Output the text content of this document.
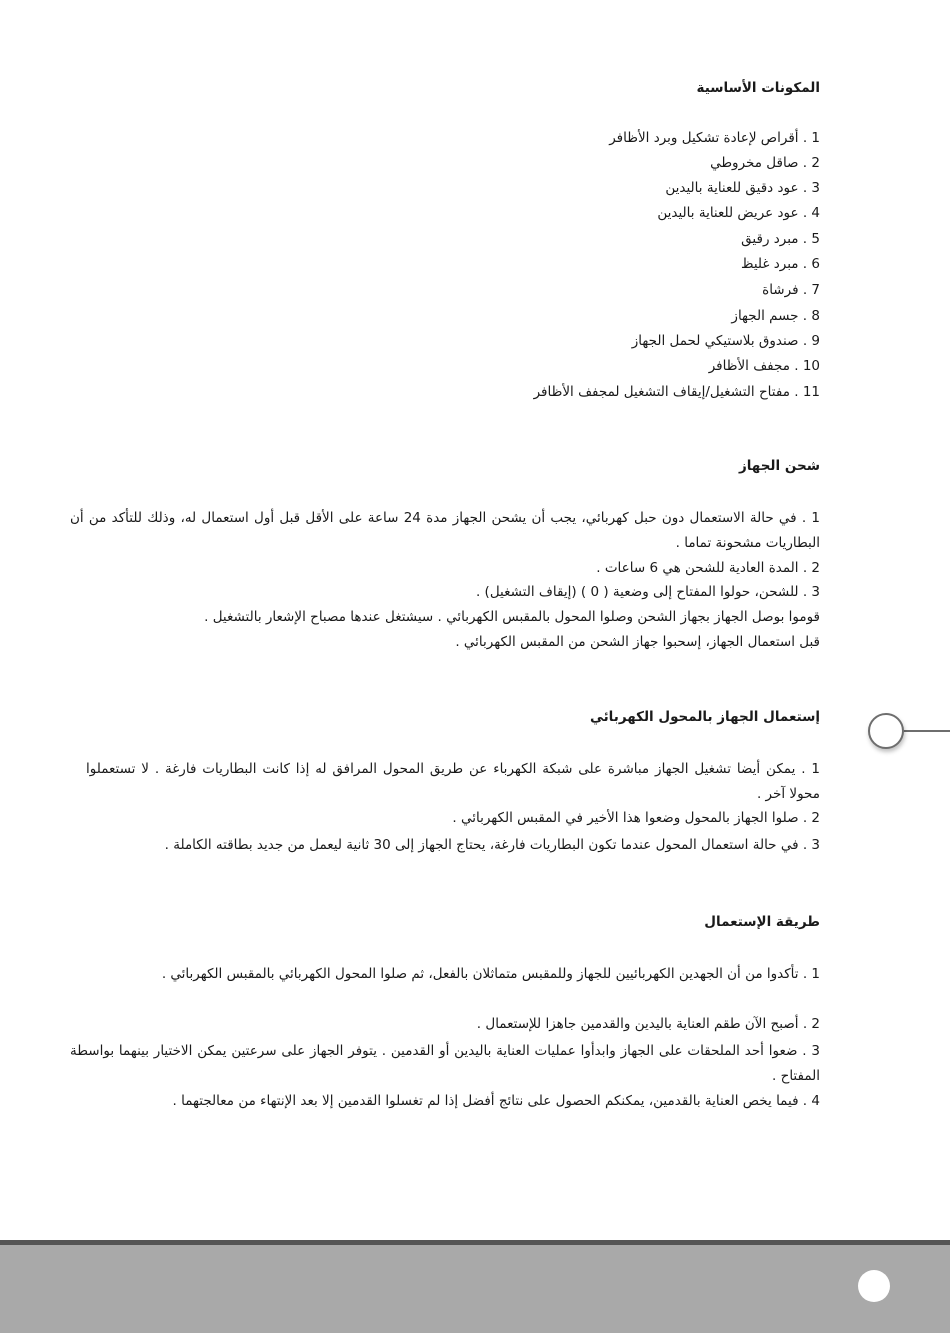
المكونات الأساسية
1 . أقراص لإعادة تشكيل وبرد الأظافر
2 . صاقل مخروطي
3 . عود دقيق للعناية باليدين
4 . عود عريض للعناية باليدين
5 . مبرد رقيق
6 . مبرد غليظ
7 . فرشاة
8 . جسم الجهاز
9 . صندوق بلاستيكي لحمل الجهاز
10 . مجفف الأظافر
11 . مفتاح التشغيل/إيقاف التشغيل لمجفف الأظافر
شحن الجهاز
1 . في حالة الاستعمال دون حبل كهربائي، يجب أن يشحن الجهاز مدة 24 ساعة على الأقل قبل أول استعمال له، وذلك للتأكد من أن البطاريات مشحونة تماما .
2 . المدة العادية للشحن هي 6 ساعات .
3 . للشحن، حولوا المفتاح إلى وضعية ( 0 ) (إيقاف التشغيل) .
قوموا بوصل الجهاز بجهاز الشحن وصلوا المحول بالمقبس الكهربائي . سيشتغل عندها مصباح الإشعار بالتشغيل .
قبل استعمال الجهاز، إسحبوا جهاز الشحن من المقبس الكهربائي .
إستعمال الجهاز بالمحول الكهربائي
1 . يمكن أيضا تشغيل الجهاز مباشرة على شبكة الكهرباء عن طريق المحول المرافق له إذا كانت البطاريات فارغة . لا تستعملوا محولا آخر .
2 . صلوا الجهاز بالمحول وضعوا هذا الأخير في المقبس الكهربائي .
3 . في حالة استعمال المحول عندما تكون البطاريات فارغة، يحتاج الجهاز إلى 30 ثانية ليعمل من جديد بطاقته الكاملة .
طريقة الإستعمال
1 . تأكدوا من أن الجهدين الكهربائيين للجهاز وللمقبس متماثلان بالفعل، ثم صلوا المحول الكهربائي بالمقبس الكهربائي .
2 . أصبح الآن طقم العناية باليدين والقدمين جاهزا للإستعمال .
3 . ضعوا أحد الملحقات على الجهاز وابدأوا عمليات العناية باليدين أو القدمين . يتوفر الجهاز على سرعتين يمكن الاختيار بينهما بواسطة المفتاح .
4 . فيما يخص العناية بالقدمين، يمكنكم الحصول على نتائج أفضل إذا لم تغسلوا القدمين إلا بعد الإنتهاء من معالجتهما .
